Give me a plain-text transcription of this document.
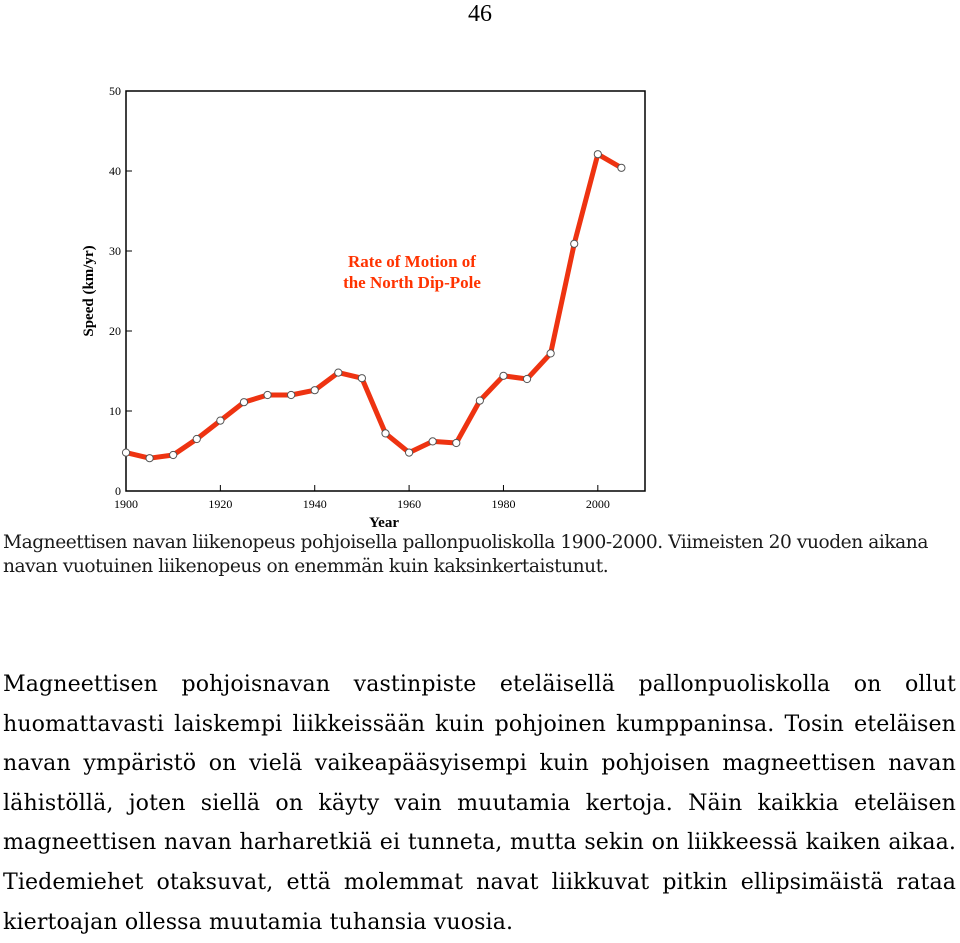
46
1900	1920	1940	1960	1980	2000
0
10
20
30
40
50
Year
Speed (km/yr)	Rate of Motion of
the North Dip-Pole
Magneettisen navan liikenopeus pohjoisella pallonpuoliskolla 1900-2000. Viimeisten 20 vuoden aikana navan vuotuinen liikenopeus on enemmän kuin kaksinkertaistunut.
Magneettisen pohjoisnavan vastinpiste eteläisellä pallonpuoliskolla on ollut huomattavasti laiskempi liikkeissään kuin pohjoinen kumppaninsa. Tosin eteläisen navan ympäristö on vielä vaikeapääsyisempi kuin pohjoisen magneettisen navan lähistöllä, joten siellä on käyty vain muutamia kertoja. Näin kaikkia eteläisen magneettisen navan harharetkiä ei tunneta, mutta sekin on liikkeessä kaiken aikaa. Tiedemiehet otaksuvat, että molemmat navat liikkuvat pitkin ellipsimäistä rataa kiertoajan ollessa muutamia tuhansia vuosia.
